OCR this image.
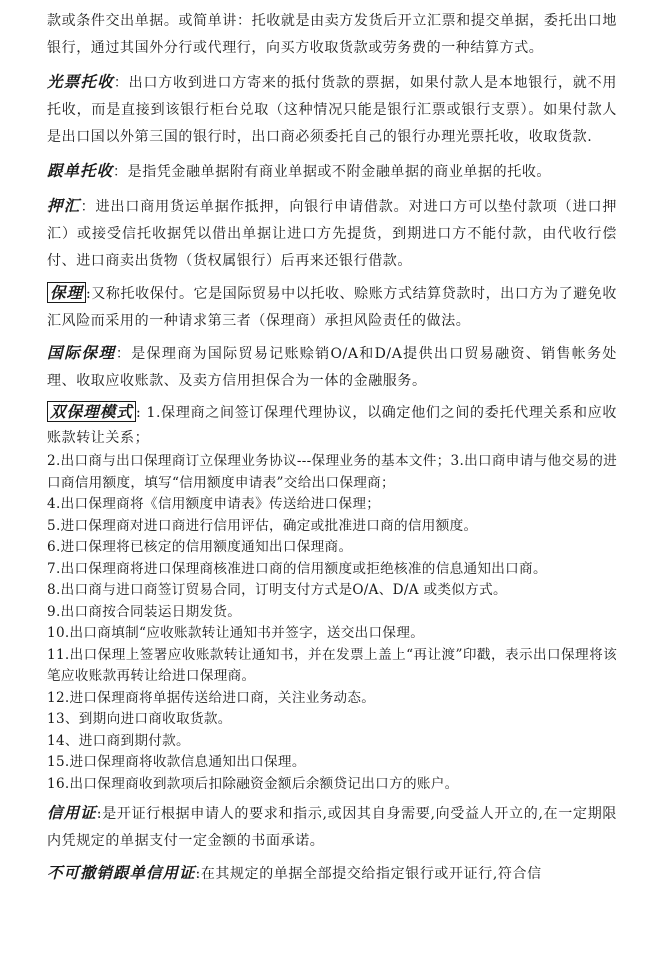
款或条件交出单据。或简单讲：托收就是由卖方发货后开立汇票和提交单据，委托出口地银行，通过其国外分行或代理行，向买方收取货款或劳务费的一种结算方式。

光票托收：出口方收到进口方寄来的抵付货款的票据，如果付款人是本地银行，就不用托收，而是直接到该银行柜台兑取（这种情况只能是银行汇票或银行支票）。如果付款人是出口国以外第三国的银行时，出口商必须委托自己的银行办理光票托收，收取货款.

跟单托收：是指凭金融单据附有商业单据或不附金融单据的商业单据的托收。

押汇：进出口商用货运单据作抵押，向银行申请借款。对进口方可以垫付款项（进口押汇）或接受信托收据凭以借出单据让进口方先提货，到期进口方不能付款，由代收行偿付、进口商卖出货物（货权属银行）后再来还银行借款。

保理 :又称托收保付。它是国际贸易中以托收、赊账方式结算贷款时，出口方为了避免收汇风险而采用的一种请求第三者（保理商）承担风险责任的做法。

国际保理：是保理商为国际贸易记账赊销O/A和D/A提供出口贸易融资、销售帐务处理、收取应收账款、及卖方信用担保合为一体的金融服务。

双保理模式 : 1.保理商之间签订保理代理协议，以确定他们之间的委托代理关系和应收账款转让关系；

2.出口商与出口保理商订立保理业务协议---保理业务的基本文件；3.出口商申请与他交易的进口商信用额度，填写“信用额度申请表”交给出口保理商；
4.出口保理商将《信用额度申请表》传送给进口保理；
5.进口保理商对进口商进行信用评估，确定或批准进口商的信用额度。
6.进口保理将已核定的信用额度通知出口保理商。
7.出口保理商将进口保理商核准进口商的信用额度或拒绝核准的信息通知出口商。
8.出口商与进口商签订贸易合同，订明支付方式是O/A、D/A 或类似方式。
9.出口商按合同装运日期发货。
10.出口商填制“应收账款转让通知书并签字，送交出口保理。
11.出口保理上签署应收账款转让通知书，并在发票上盖上“再让渡”印戳，表示出口保理将该笔应收账款再转让给进口保理商。
12.进口保理商将单据传送给进口商，关注业务动态。
13、到期向进口商收取货款。
14、进口商到期付款。
15.进口保理商将收款信息通知出口保理。
16.出口保理商收到款项后扣除融资金额后余额贷记出口方的账户。

信用证:是开证行根据申请人的要求和指示,或因其自身需要,向受益人开立的,在一定期限内凭规定的单据支付一定金额的书面承诺。

不可撤销跟单信用证:在其规定的单据全部提交给指定银行或开证行,符合信
